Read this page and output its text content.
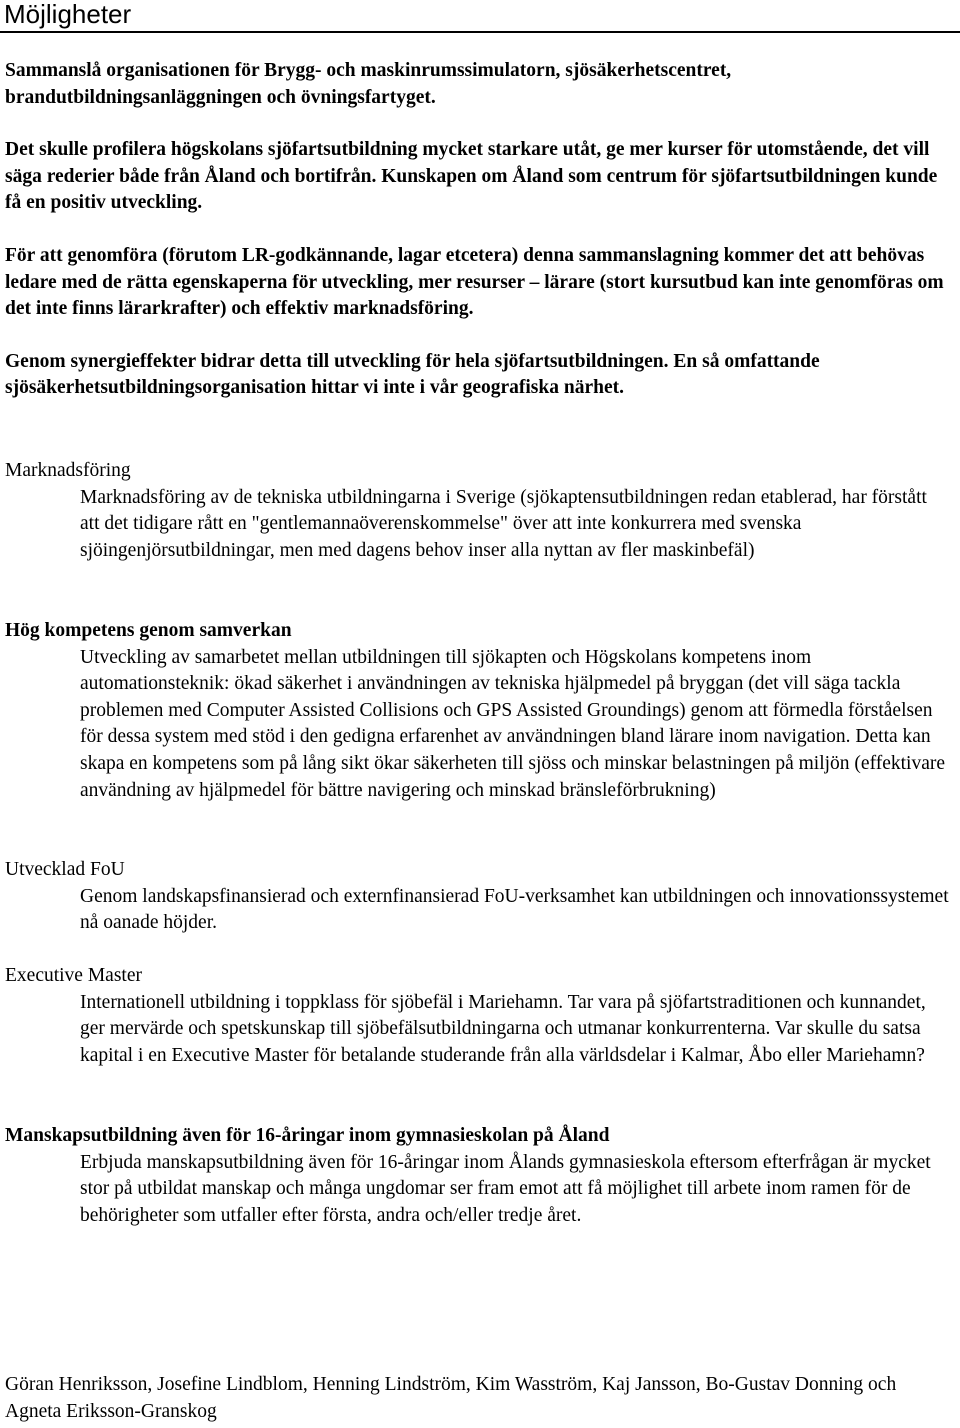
Möjligheter

Sammanslå organisationen för Brygg- och maskinrumssimulatorn, sjösäkerhetscentret, brandutbildningsanläggningen och övningsfartyget.

Det skulle profilera högskolans sjöfartsutbildning mycket starkare utåt, ge mer kurser för utomstående, det vill säga rederier både från Åland och bortifrån. Kunskapen om Åland som centrum för sjöfartsutbildningen kunde få en positiv utveckling.

För att genomföra (förutom LR-godkännande, lagar etcetera) denna sammanslagning kommer det att behövas ledare med de rätta egenskaperna för utveckling, mer resurser – lärare (stort kursutbud kan inte genomföras om det inte finns lärarkrafter) och effektiv marknadsföring.

Genom synergieffekter bidrar detta till utveckling för hela sjöfartsutbildningen. En så omfattande sjösäkerhetsutbildningsorganisation hittar vi inte i vår geografiska närhet.

Marknadsföring

Marknadsföring av de tekniska utbildningarna i Sverige (sjökaptensutbildningen redan etablerad, har förstått att det tidigare rått en "gentlemannaöverenskommelse" över att inte konkurrera med svenska sjöingenjörsutbildningar, men med dagens behov inser alla nyttan av fler maskinbefäl)

Hög kompetens genom samverkan

Utveckling av samarbetet mellan utbildningen till sjökapten och Högskolans kompetens inom automationsteknik: ökad säkerhet i användningen av tekniska hjälpmedel på bryggan (det vill säga tackla problemen med Computer Assisted Collisions och GPS Assisted Groundings) genom att förmedla förståelsen för dessa system med stöd i den gedigna erfarenhet av användningen bland lärare inom navigation. Detta kan skapa en kompetens som på lång sikt ökar säkerheten till sjöss och minskar belastningen på miljön (effektivare användning av hjälpmedel för bättre navigering och minskad bränsleförbrukning)

Utvecklad FoU

Genom landskapsfinansierad och externfinansierad FoU-verksamhet kan utbildningen och innovationssystemet nå oanade höjder.

Executive Master

Internationell utbildning i toppklass för sjöbefäl i Mariehamn. Tar vara på sjöfartstraditionen och kunnandet, ger mervärde och spetskunskap till sjöbefälsutbildningarna och utmanar konkurrenterna. Var skulle du satsa kapital i en Executive Master för betalande studerande från alla världsdelar i Kalmar, Åbo eller Mariehamn?

Manskapsutbildning även för 16-åringar inom gymnasieskolan på Åland

Erbjuda manskapsutbildning även för 16-åringar inom Ålands gymnasieskola eftersom efterfrågan är mycket stor på utbildat manskap och många ungdomar ser fram emot att få möjlighet till arbete inom ramen för de behörigheter som utfaller efter första, andra och/eller tredje året.

Göran Henriksson, Josefine Lindblom, Henning Lindström, Kim Wasström, Kaj Jansson, Bo-Gustav Donning och Agneta Eriksson-Granskog
